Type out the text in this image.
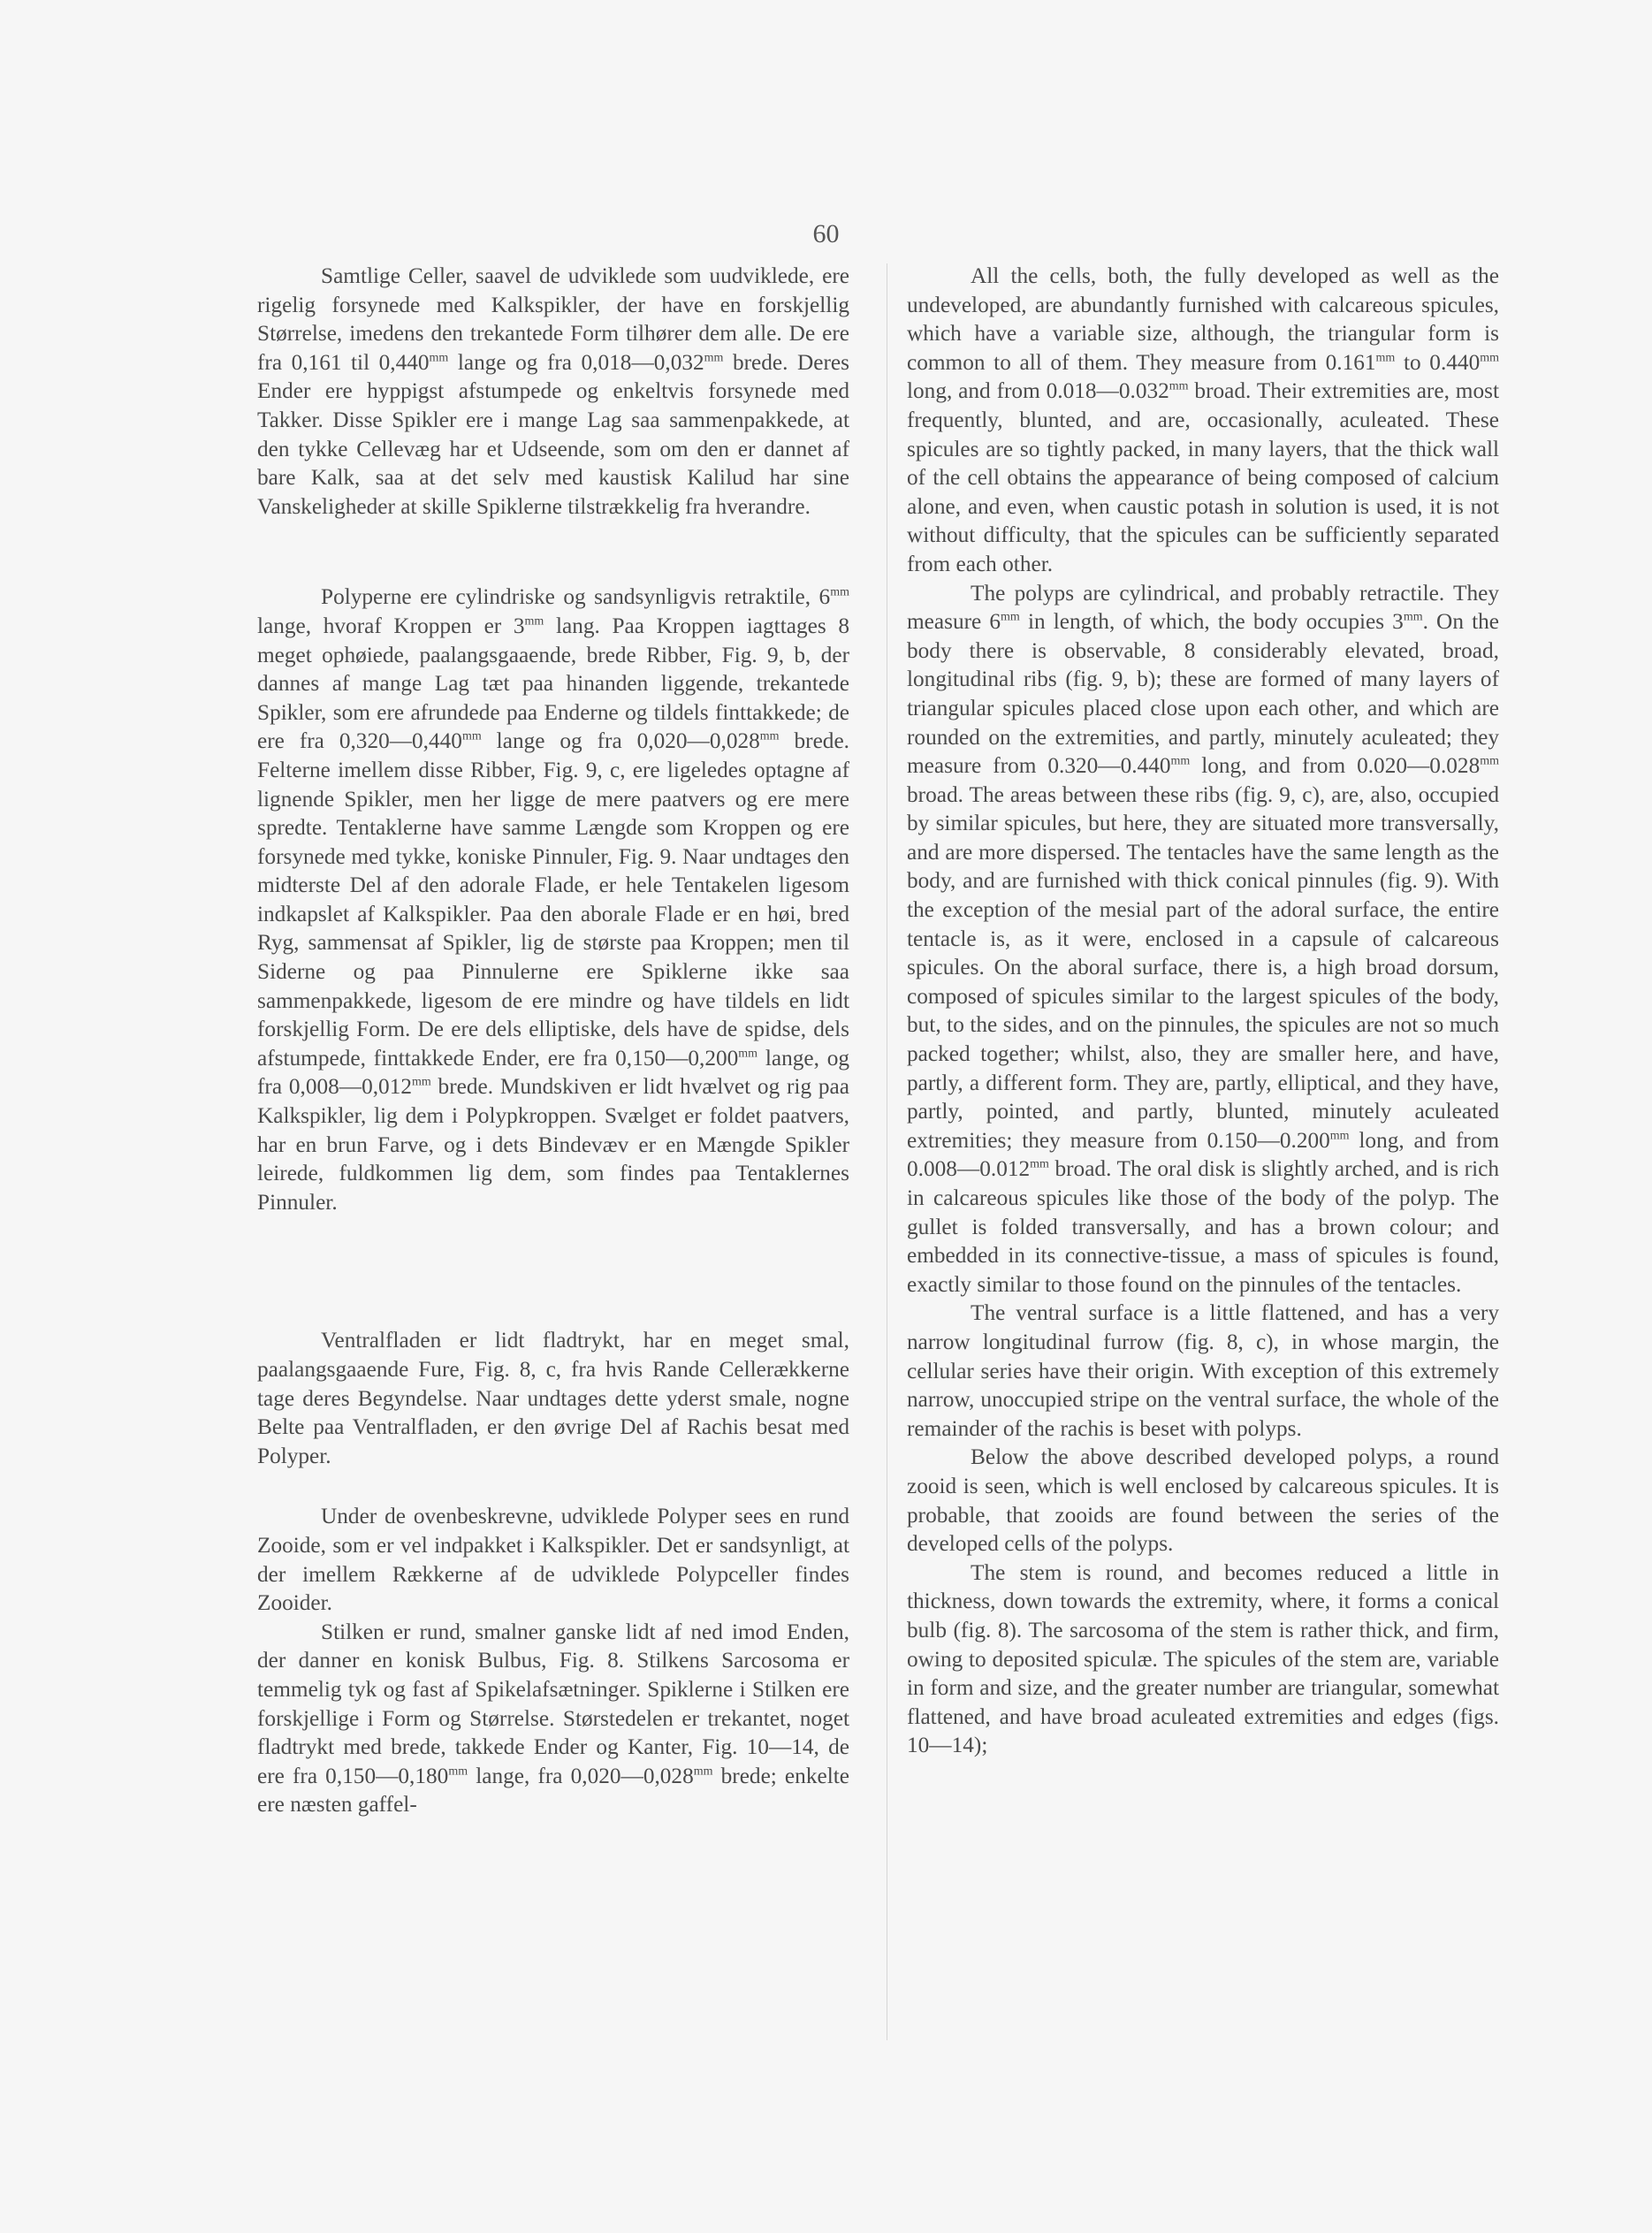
60

Samtlige Celler, saavel de udviklede som uudviklede, ere rigelig forsynede med Kalkspikler, der have en forskjellig Størrelse, imedens den trekantede Form tilhører dem alle. De ere fra 0,161 til $0,440^{mm}$ lange og fra $0,018—0,032^{mm}$ brede. Deres Ender ere hyppigst afstumpede og enkeltvis forsynede med Takker. Disse Spikler ere i mange Lag saa sammenpakkede, at den tykke Cellevæg har et Udseende, som om den er dannet af bare Kalk, saa at det selv med kaustisk Kalilud har sine Vanskeligheder at skille Spiklerne tilstrækkelig fra hverandre.

Polyperne ere cylindriske og sandsynligvis retraktile, $6^{mm}$ lange, hvoraf Kroppen er $3^{mm}$ lang. Paa Kroppen iagttages 8 meget ophøiede, paalangsgaaende, brede Ribber, Fig. 9, b, der dannes af mange Lag tæt paa hinanden liggende, trekantede Spikler, som ere afrundede paa Enderne og tildels finttakkede; de ere fra $0,320—0,440^{mm}$ lange og fra $0,020—0,028^{mm}$ brede. Felterne imellem disse Ribber, Fig. 9, c, ere ligeledes optagne af lignende Spikler, men her ligge de mere paatvers og ere mere spredte. Tentaklerne have samme Længde som Kroppen og ere forsynede med tykke, koniske Pinnuler, Fig. 9. Naar undtages den midterste Del af den adorale Flade, er hele Tentakelen ligesom indkapslet af Kalkspikler. Paa den aborale Flade er en høi, bred Ryg, sammensat af Spikler, lig de største paa Kroppen; men til Siderne og paa Pinnulerne ere Spiklerne ikke saa sammenpakkede, ligesom de ere mindre og have tildels en lidt forskjellig Form. De ere dels elliptiske, dels have de spidse, dels afstumpede, finttakkede Ender, ere fra $0,150—0,200^{mm}$ lange, og fra $0,008—0,012^{mm}$ brede. Mundskiven er lidt hvælvet og rig paa Kalkspikler, lig dem i Polypkroppen. Svælget er foldet paatvers, har en brun Farve, og i dets Bindevæv er en Mængde Spikler leirede, fuldkommen lig dem, som findes paa Tentaklernes Pinnuler.

Ventralfladen er lidt fladtrykt, har en meget smal, paalangsgaaende Fure, Fig. 8, c, fra hvis Rande Cellerækkerne tage deres Begyndelse. Naar undtages dette yderst smale, nogne Belte paa Ventralfladen, er den øvrige Del af Rachis besat med Polyper.

Under de ovenbeskrevne, udviklede Polyper sees en rund Zooide, som er vel indpakket i Kalkspikler. Det er sandsynligt, at der imellem Rækkerne af de udviklede Polypceller findes Zooider.

Stilken er rund, smalner ganske lidt af ned imod Enden, der danner en konisk Bulbus, Fig. 8. Stilkens Sarcosoma er temmelig tyk og fast af Spikelafsætninger. Spiklerne i Stilken ere forskjellige i Form og Størrelse. Størstedelen er trekantet, noget fladtrykt med brede, takkede Ender og Kanter, Fig. 10—14, de ere fra $0,150—0,180^{mm}$ lange, fra $0,020—0,028^{mm}$ brede; enkelte ere næsten gaffel-

All the cells, both, the fully developed as well as the undeveloped, are abundantly furnished with calcareous spicules, which have a variable size, although, the triangular form is common to all of them. They measure from $0.161^{mm}$ to $0.440^{mm}$ long, and from $0.018—0.032^{mm}$ broad. Their extremities are, most frequently, blunted, and are, occasionally, aculeated. These spicules are so tightly packed, in many layers, that the thick wall of the cell obtains the appearance of being composed of calcium alone, and even, when caustic potash in solution is used, it is not without difficulty, that the spicules can be sufficiently separated from each other.

The polyps are cylindrical, and probably retractile. They measure $6^{mm}$ in length, of which, the body occupies $3^{mm}$. On the body there is observable, 8 considerably elevated, broad, longitudinal ribs (fig. 9, b); these are formed of many layers of triangular spicules placed close upon each other, and which are rounded on the extremities, and partly, minutely aculeated; they measure from $0.320—0.440^{mm}$ long, and from $0.020—0.028^{mm}$ broad. The areas between these ribs (fig. 9, c), are, also, occupied by similar spicules, but here, they are situated more transversally, and are more dispersed. The tentacles have the same length as the body, and are furnished with thick conical pinnules (fig. 9). With the exception of the mesial part of the adoral surface, the entire tentacle is, as it were, enclosed in a capsule of calcareous spicules. On the aboral surface, there is, a high broad dorsum, composed of spicules similar to the largest spicules of the body, but, to the sides, and on the pinnules, the spicules are not so much packed together; whilst, also, they are smaller here, and have, partly, a different form. They are, partly, elliptical, and they have, partly, pointed, and partly, blunted, minutely aculeated extremities; they measure from $0.150—0.200^{mm}$ long, and from $0.008—0.012^{mm}$ broad. The oral disk is slightly arched, and is rich in calcareous spicules like those of the body of the polyp. The gullet is folded transversally, and has a brown colour; and embedded in its connective-tissue, a mass of spicules is found, exactly similar to those found on the pinnules of the tentacles.

The ventral surface is a little flattened, and has a very narrow longitudinal furrow (fig. 8, c), in whose margin, the cellular series have their origin. With exception of this extremely narrow, unoccupied stripe on the ventral surface, the whole of the remainder of the rachis is beset with polyps.

Below the above described developed polyps, a round zooid is seen, which is well enclosed by calcareous spicules. It is probable, that zooids are found between the series of the developed cells of the polyps.

The stem is round, and becomes reduced a little in thickness, down towards the extremity, where, it forms a conical bulb (fig. 8). The sarcosoma of the stem is rather thick, and firm, owing to deposited spiculæ. The spicules of the stem are, variable in form and size, and the greater number are triangular, somewhat flattened, and have broad aculeated extremities and edges (figs. 10—14);
